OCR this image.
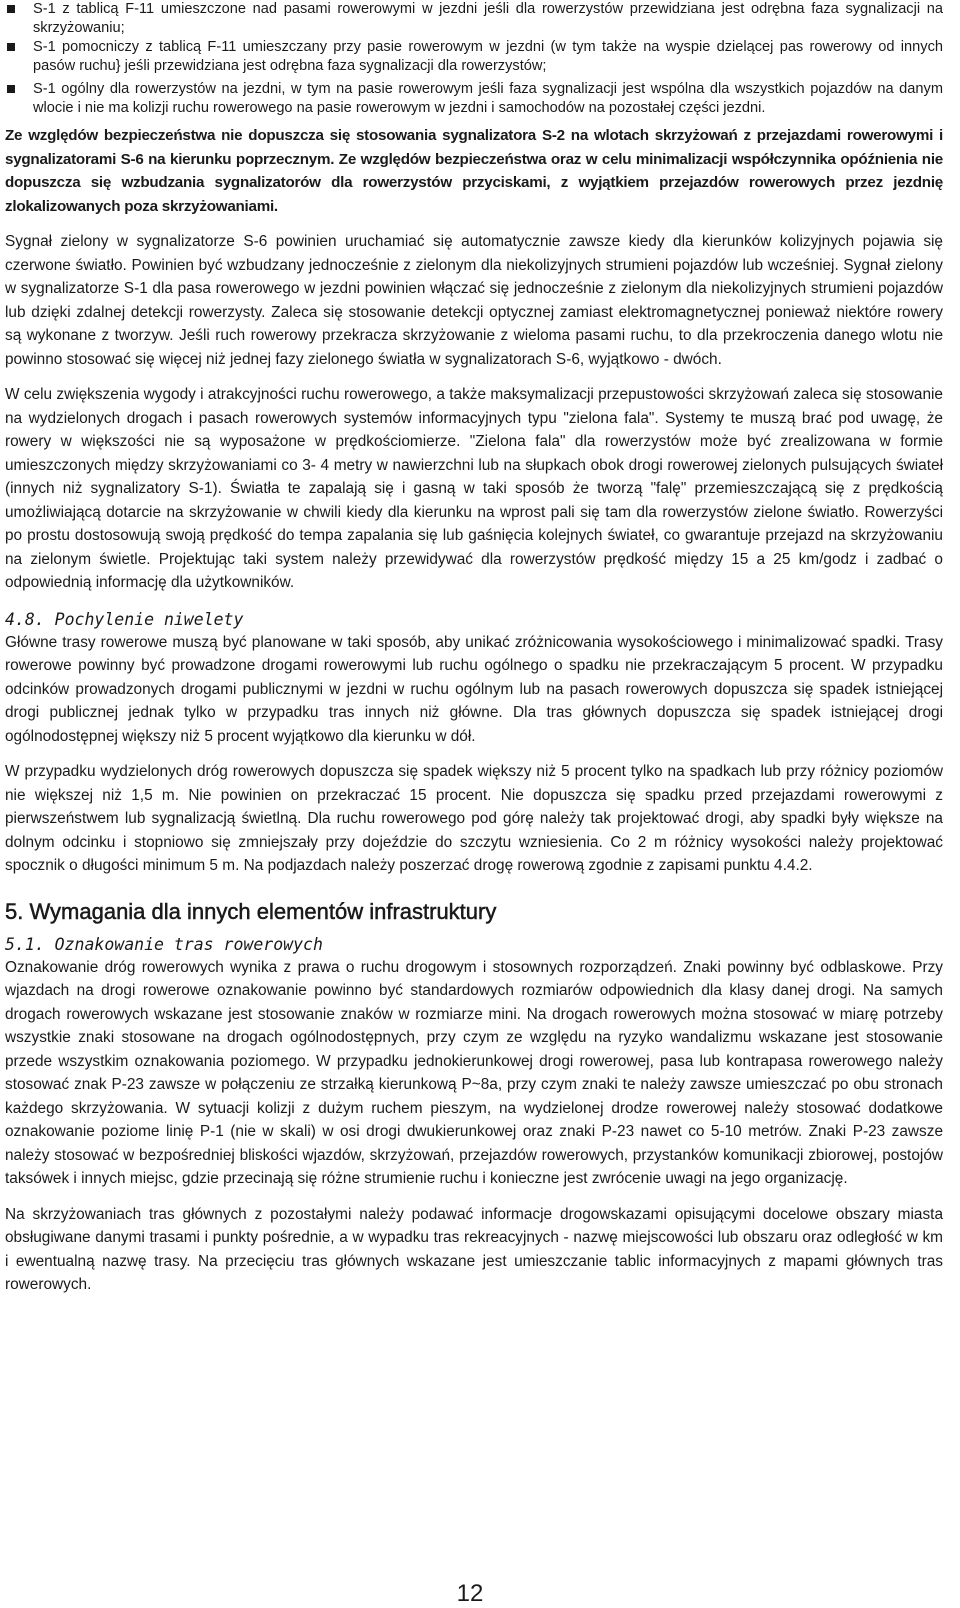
S-1 z tablicą F-11 umieszczone nad pasami rowerowymi w jezdni jeśli dla rowerzystów przewidziana jest odrębna faza sygnalizacji na skrzyżowaniu;
S-1 pomocniczy z tablicą F-11 umieszczany przy pasie rowerowym w jezdni (w tym także na wyspie dzielącej pas rowerowy od innych pasów ruchu} jeśli przewidziana jest odrębna faza sygnalizacji dla rowerzystów;
S-1 ogólny dla rowerzystów na jezdni, w tym na pasie rowerowym jeśli faza sygnalizacji jest wspólna dla wszystkich pojazdów na danym wlocie i nie ma kolizji ruchu rowerowego na pasie rowerowym w jezdni i samochodów na pozostałej części jezdni.

Ze względów bezpieczeństwa nie dopuszcza się stosowania sygnalizatora S-2 na wlotach skrzyżowań z przejazdami rowerowymi i sygnalizatorami S-6 na kierunku poprzecznym. Ze względów bezpieczeństwa oraz w celu minimalizacji współczynnika opóźnienia nie dopuszcza się wzbudzania sygnalizatorów dla rowerzystów przyciskami, z wyjątkiem przejazdów rowerowych przez jezdnię zlokalizowanych poza skrzyżowaniami.

Sygnał zielony w sygnalizatorze S-6 powinien uruchamiać się automatycznie zawsze kiedy dla kierunków kolizyjnych pojawia się czerwone światło. Powinien być wzbudzany jednocześnie z zielonym dla niekolizyjnych strumieni pojazdów lub wcześniej. Sygnał zielony w sygnalizatorze S-1 dla pasa rowerowego w jezdni powinien włączać się jednocześnie z zielonym dla niekolizyjnych strumieni pojazdów lub dzięki zdalnej detekcji rowerzysty. Zaleca się stosowanie detekcji optycznej zamiast elektromagnetycznej ponieważ niektóre rowery są wykonane z tworzyw. Jeśli ruch rowerowy przekracza skrzyżowanie z wieloma pasami ruchu, to dla przekroczenia danego wlotu nie powinno stosować się więcej niż jednej fazy zielonego światła w sygnalizatorach S-6, wyjątkowo - dwóch.

W celu zwiększenia wygody i atrakcyjności ruchu rowerowego, a także maksymalizacji przepustowości skrzyżowań zaleca się stosowanie na wydzielonych drogach i pasach rowerowych systemów informacyjnych typu "zielona fala". Systemy te muszą brać pod uwagę, że rowery w większości nie są wyposażone w prędkościomierze. "Zielona fala" dla rowerzystów może być zrealizowana w formie umieszczonych między skrzyżowaniami co 3- 4 metry w nawierzchni lub na słupkach obok drogi rowerowej zielonych pulsujących świateł (innych niż sygnalizatory S-1). Światła te zapalają się i gasną w taki sposób że tworzą "falę" przemieszczającą się z prędkością umożliwiającą dotarcie na skrzyżowanie w chwili kiedy dla kierunku na wprost pali się tam dla rowerzystów zielone światło. Rowerzyści po prostu dostosowują swoją prędkość do tempa zapalania się lub gaśnięcia kolejnych świateł, co gwarantuje przejazd na skrzyżowaniu na zielonym świetle. Projektując taki system należy przewidywać dla rowerzystów prędkość między 15 a 25 km/godz i zadbać o odpowiednią informację dla użytkowników.

4.8. Pochylenie niwelety

Główne trasy rowerowe muszą być planowane w taki sposób, aby unikać zróżnicowania wysokościowego i minimalizować spadki. Trasy rowerowe powinny być prowadzone drogami rowerowymi lub ruchu ogólnego o spadku nie przekraczającym 5 procent. W przypadku odcinków prowadzonych drogami publicznymi w jezdni w ruchu ogólnym lub na pasach rowerowych dopuszcza się spadek istniejącej drogi publicznej jednak tylko w przypadku tras innych niż główne. Dla tras głównych dopuszcza się spadek istniejącej drogi ogólnodostępnej większy niż 5 procent wyjątkowo dla kierunku w dół.

W przypadku wydzielonych dróg rowerowych dopuszcza się spadek większy niż 5 procent tylko na spadkach lub przy różnicy poziomów nie większej niż 1,5 m. Nie powinien on przekraczać 15 procent. Nie dopuszcza się spadku przed przejazdami rowerowymi z pierwszeństwem lub sygnalizacją świetlną. Dla ruchu rowerowego pod górę należy tak projektować drogi, aby spadki były większe na dolnym odcinku i stopniowo się zmniejszały przy dojeździe do szczytu wzniesienia. Co 2 m różnicy wysokości należy projektować spocznik o długości minimum 5 m. Na podjazdach należy poszerzać drogę rowerową zgodnie z zapisami punktu 4.4.2.

5. Wymagania dla innych elementów infrastruktury
5.1. Oznakowanie tras rowerowych

Oznakowanie dróg rowerowych wynika z prawa o ruchu drogowym i stosownych rozporządzeń. Znaki powinny być odblaskowe. Przy wjazdach na drogi rowerowe oznakowanie powinno być standardowych rozmiarów odpowiednich dla klasy danej drogi. Na samych drogach rowerowych wskazane jest stosowanie znaków w rozmiarze mini. Na drogach rowerowych można stosować w miarę potrzeby wszystkie znaki stosowane na drogach ogólnodostępnych, przy czym ze względu na ryzyko wandalizmu wskazane jest stosowanie przede wszystkim oznakowania poziomego. W przypadku jednokierunkowej drogi rowerowej, pasa lub kontrapasa rowerowego należy stosować znak P-23 zawsze w połączeniu ze strzałką kierunkową P~8a, przy czym znaki te należy zawsze umieszczać po obu stronach każdego skrzyżowania. W sytuacji kolizji z dużym ruchem pieszym, na wydzielonej drodze rowerowej należy stosować dodatkowe oznakowanie poziome linię P-1 (nie w skali) w osi drogi dwukierunkowej oraz znaki P-23 nawet co 5-10 metrów. Znaki P-23 zawsze należy stosować w bezpośredniej bliskości wjazdów, skrzyżowań, przejazdów rowerowych, przystanków komunikacji zbiorowej, postojów taksówek i innych miejsc, gdzie przecinają się różne strumienie ruchu i konieczne jest zwrócenie uwagi na jego organizację.

Na skrzyżowaniach tras głównych z pozostałymi należy podawać informacje drogowskazami opisującymi docelowe obszary miasta obsługiwane danymi trasami i punkty pośrednie, a w wypadku tras rekreacyjnych - nazwę miejscowości lub obszaru oraz odległość w km i ewentualną nazwę trasy. Na przecięciu tras głównych wskazane jest umieszczanie tablic informacyjnych z mapami głównych tras rowerowych.

12
